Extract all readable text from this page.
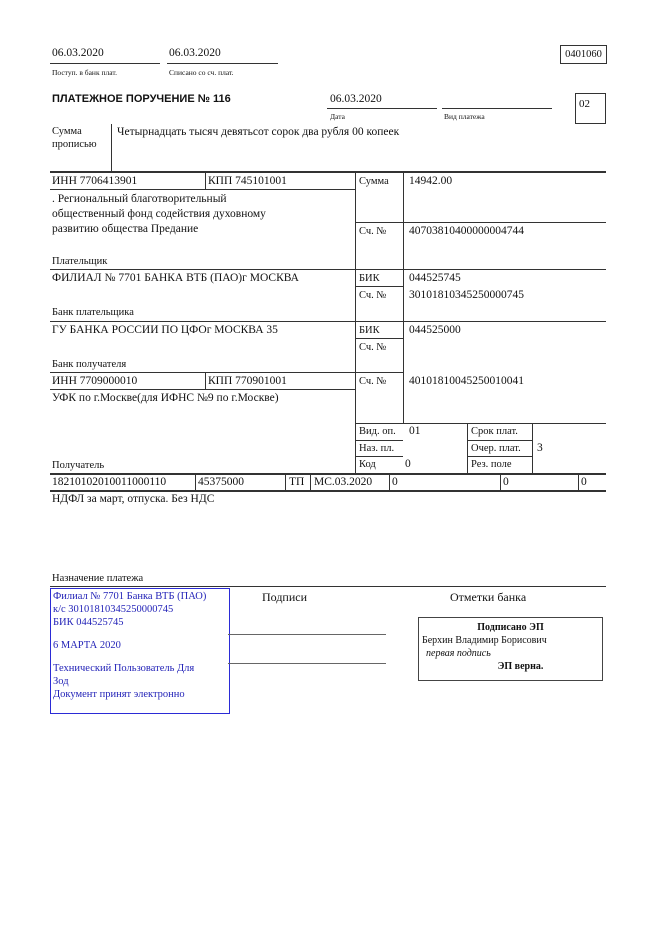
06.03.2020
Поступ. в банк плат.
06.03.2020
Списано со сч. плат.
0401060
ПЛАТЕЖНОЕ ПОРУЧЕНИЕ № 116	06.03.2020
Дата	Вид платежа
02
Сумма
прописью
Четырнадцать тысяч девятьсот сорок два рубля 00 копеек
ИНН 7706413901	КПП 745101001	Сумма 14942.00
. Региональный благотворительный
общественный фонд содействия духовному
развитию общества Предание	Сч. № 40703810400000004744
Плательщик
ФИЛИАЛ № 7701 БАНКА ВТБ (ПАО)г МОСКВА	БИК	044525745
Сч. № 30101810345250000745
Банк плательщика
ГУ БАНКА РОССИИ ПО ЦФОг МОСКВА 35	БИК	044525000
Сч. №
Банк получателя
ИНН 7709000010	КПП 770901001	Сч. № 40101810045250010041
УФК по г.Москве(для ИФНС №9 по г.Москве)
Вид. оп. 01
Наз. пл.
Код	0
Срок плат.
Очер. плат. 3
Рез. поле
Получатель
18210102010011000110	45375000	ТП МС.03.2020 0	0	0
НДФЛ за март, отпуска. Без НДС
Назначение платежа
Филиал № 7701 Банка ВТБ (ПАО)
к/с 30101810345250000745
БИК 044525745
6 МАРТА 2020
Технический Пользователь Для
Зод
Документ принят электронно
Подписи	Отметки банка
Подписано ЭП
Берхин Владимир Борисович
первая подпись
ЭП верна.
